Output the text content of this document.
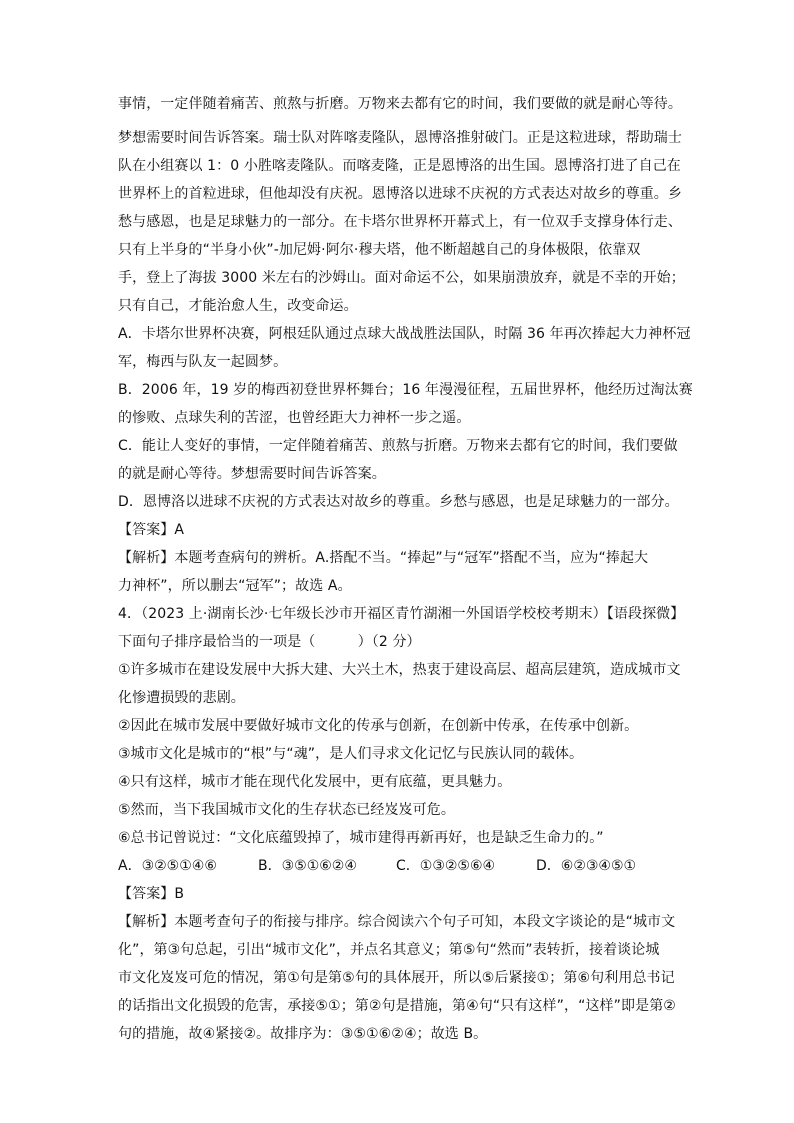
事情，一定伴随着痛苦、煎熬与折磨。万物来去都有它的时间，我们要做的就是耐心等待。
梦想需要时间告诉答案。瑞士队对阵喀麦隆队，恩博洛推射破门。正是这粒进球，帮助瑞士
队在小组赛以 1：0 小胜喀麦隆队。而喀麦隆，正是恩博洛的出生国。恩博洛打进了自己在
世界杯上的首粒进球，但他却没有庆祝。恩博洛以进球不庆祝的方式表达对故乡的尊重。乡
愁与感恩，也是足球魅力的一部分。在卡塔尔世界杯开幕式上，有一位双手支撑身体行走、
只有上半身的“半身小伙”-加尼姆·阿尔·穆夫塔，他不断超越自己的身体极限，依靠双
手，登上了海拔 3000 米左右的沙姆山。面对命运不公，如果崩溃放弃，就是不幸的开始；
只有自己，才能治愈人生，改变命运。
A．卡塔尔世界杯决赛，阿根廷队通过点球大战战胜法国队，时隔 36 年再次捧起大力神杯冠
军，梅西与队友一起圆梦。
B．2006 年，19 岁的梅西初登世界杯舞台；16 年漫漫征程，五届世界杯，他经历过淘汰赛
的惨败、点球失利的苦涩，也曾经距大力神杯一步之遥。
C．能让人变好的事情，一定伴随着痛苦、煎熬与折磨。万物来去都有它的时间，我们要做
的就是耐心等待。梦想需要时间告诉答案。
D．恩博洛以进球不庆祝的方式表达对故乡的尊重。乡愁与感恩，也是足球魅力的一部分。
【答案】A
【解析】本题考查病句的辨析。A.搭配不当。“捧起”与“冠军”搭配不当，应为“捧起大
力神杯”，所以删去“冠军”；故选 A。
4．（2023 上·湖南长沙·七年级长沙市开福区青竹湖湘一外国语学校校考期末）【语段探微】
下面句子排序最恰当的一项是（　　　）（2 分）
①许多城市在建设发展中大拆大建、大兴土木，热衷于建设高层、超高层建筑，造成城市文
化惨遭损毁的悲剧。
②因此在城市发展中要做好城市文化的传承与创新，在创新中传承，在传承中创新。
③城市文化是城市的“根”与“魂”，是人们寻求文化记忆与民族认同的载体。
④只有这样，城市才能在现代化发展中，更有底蕴，更具魅力。
⑤然而，当下我国城市文化的生存状态已经岌岌可危。
⑥总书记曾说过：“文化底蕴毁掉了，城市建得再新再好，也是缺乏生命力的。”
A．③②⑤①④⑥	B．③⑤①⑥②④	C．①③②⑤⑥④	D．⑥②③④⑤①
【答案】B
【解析】本题考查句子的衔接与排序。综合阅读六个句子可知，本段文字谈论的是“城市文
化”，第③句总起，引出“城市文化”，并点名其意义；第⑤句“然而”表转折，接着谈论城
市文化岌岌可危的情况，第①句是第⑤句的具体展开，所以⑤后紧接①；第⑥句利用总书记
的话指出文化损毁的危害，承接⑤①；第②句是措施，第④句“只有这样”，“这样”即是第②
句的措施，故④紧接②。故排序为：③⑤①⑥②④；故选 B。
